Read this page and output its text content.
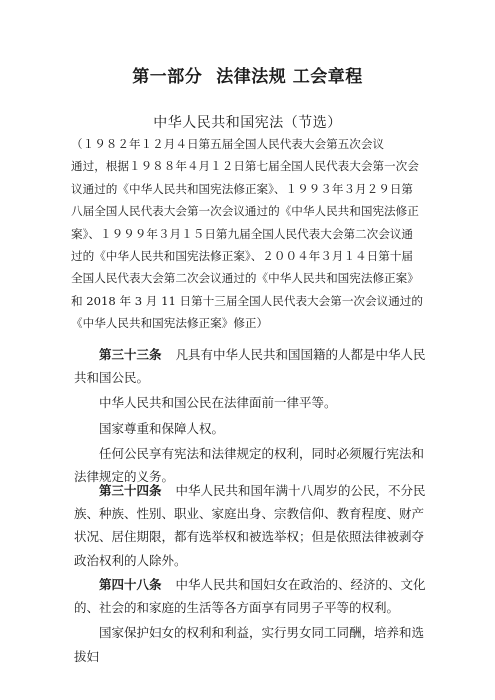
第一部分 法律法规 工会章程
中华人民共和国宪法（节选）
（１９８２年１２月４日第五届全国人民代表大会第五次会议
通过，根据１９８８年４月１２日第七届全国人民代表大会第一次会
议通过的《中华人民共和国宪法修正案》、１９９３年３月２９日第
八届全国人民代表大会第一次会议通过的《中华人民共和国宪法修正
案》、１９９９年３月１５日第九届全国人民代表大会第二次会议通
过的《中华人民共和国宪法修正案》、２００４年３月１４日第十届
全国人民代表大会第二次会议通过的《中华人民共和国宪法修正案》
和 2018 年 3 月 11 日第十三届全国人民代表大会第一次会议通过的
《中华人民共和国宪法修正案》修正）
第三十三条 凡具有中华人民共和国国籍的人都是中华人民共和国公民。
中华人民共和国公民在法律面前一律平等。
国家尊重和保障人权。
任何公民享有宪法和法律规定的权利，同时必须履行宪法和法律规定的义务。
第三十四条 中华人民共和国年满十八周岁的公民，不分民族、种族、性别、职业、家庭出身、宗教信仰、教育程度、财产状况、居住期限，都有选举权和被选举权；但是依照法律被剥夺政治权利的人除外。
第四十八条 中华人民共和国妇女在政治的、经济的、文化的、社会的和家庭的生活等各方面享有同男子平等的权利。
国家保护妇女的权利和利益，实行男女同工同酬，培养和选拔妇
